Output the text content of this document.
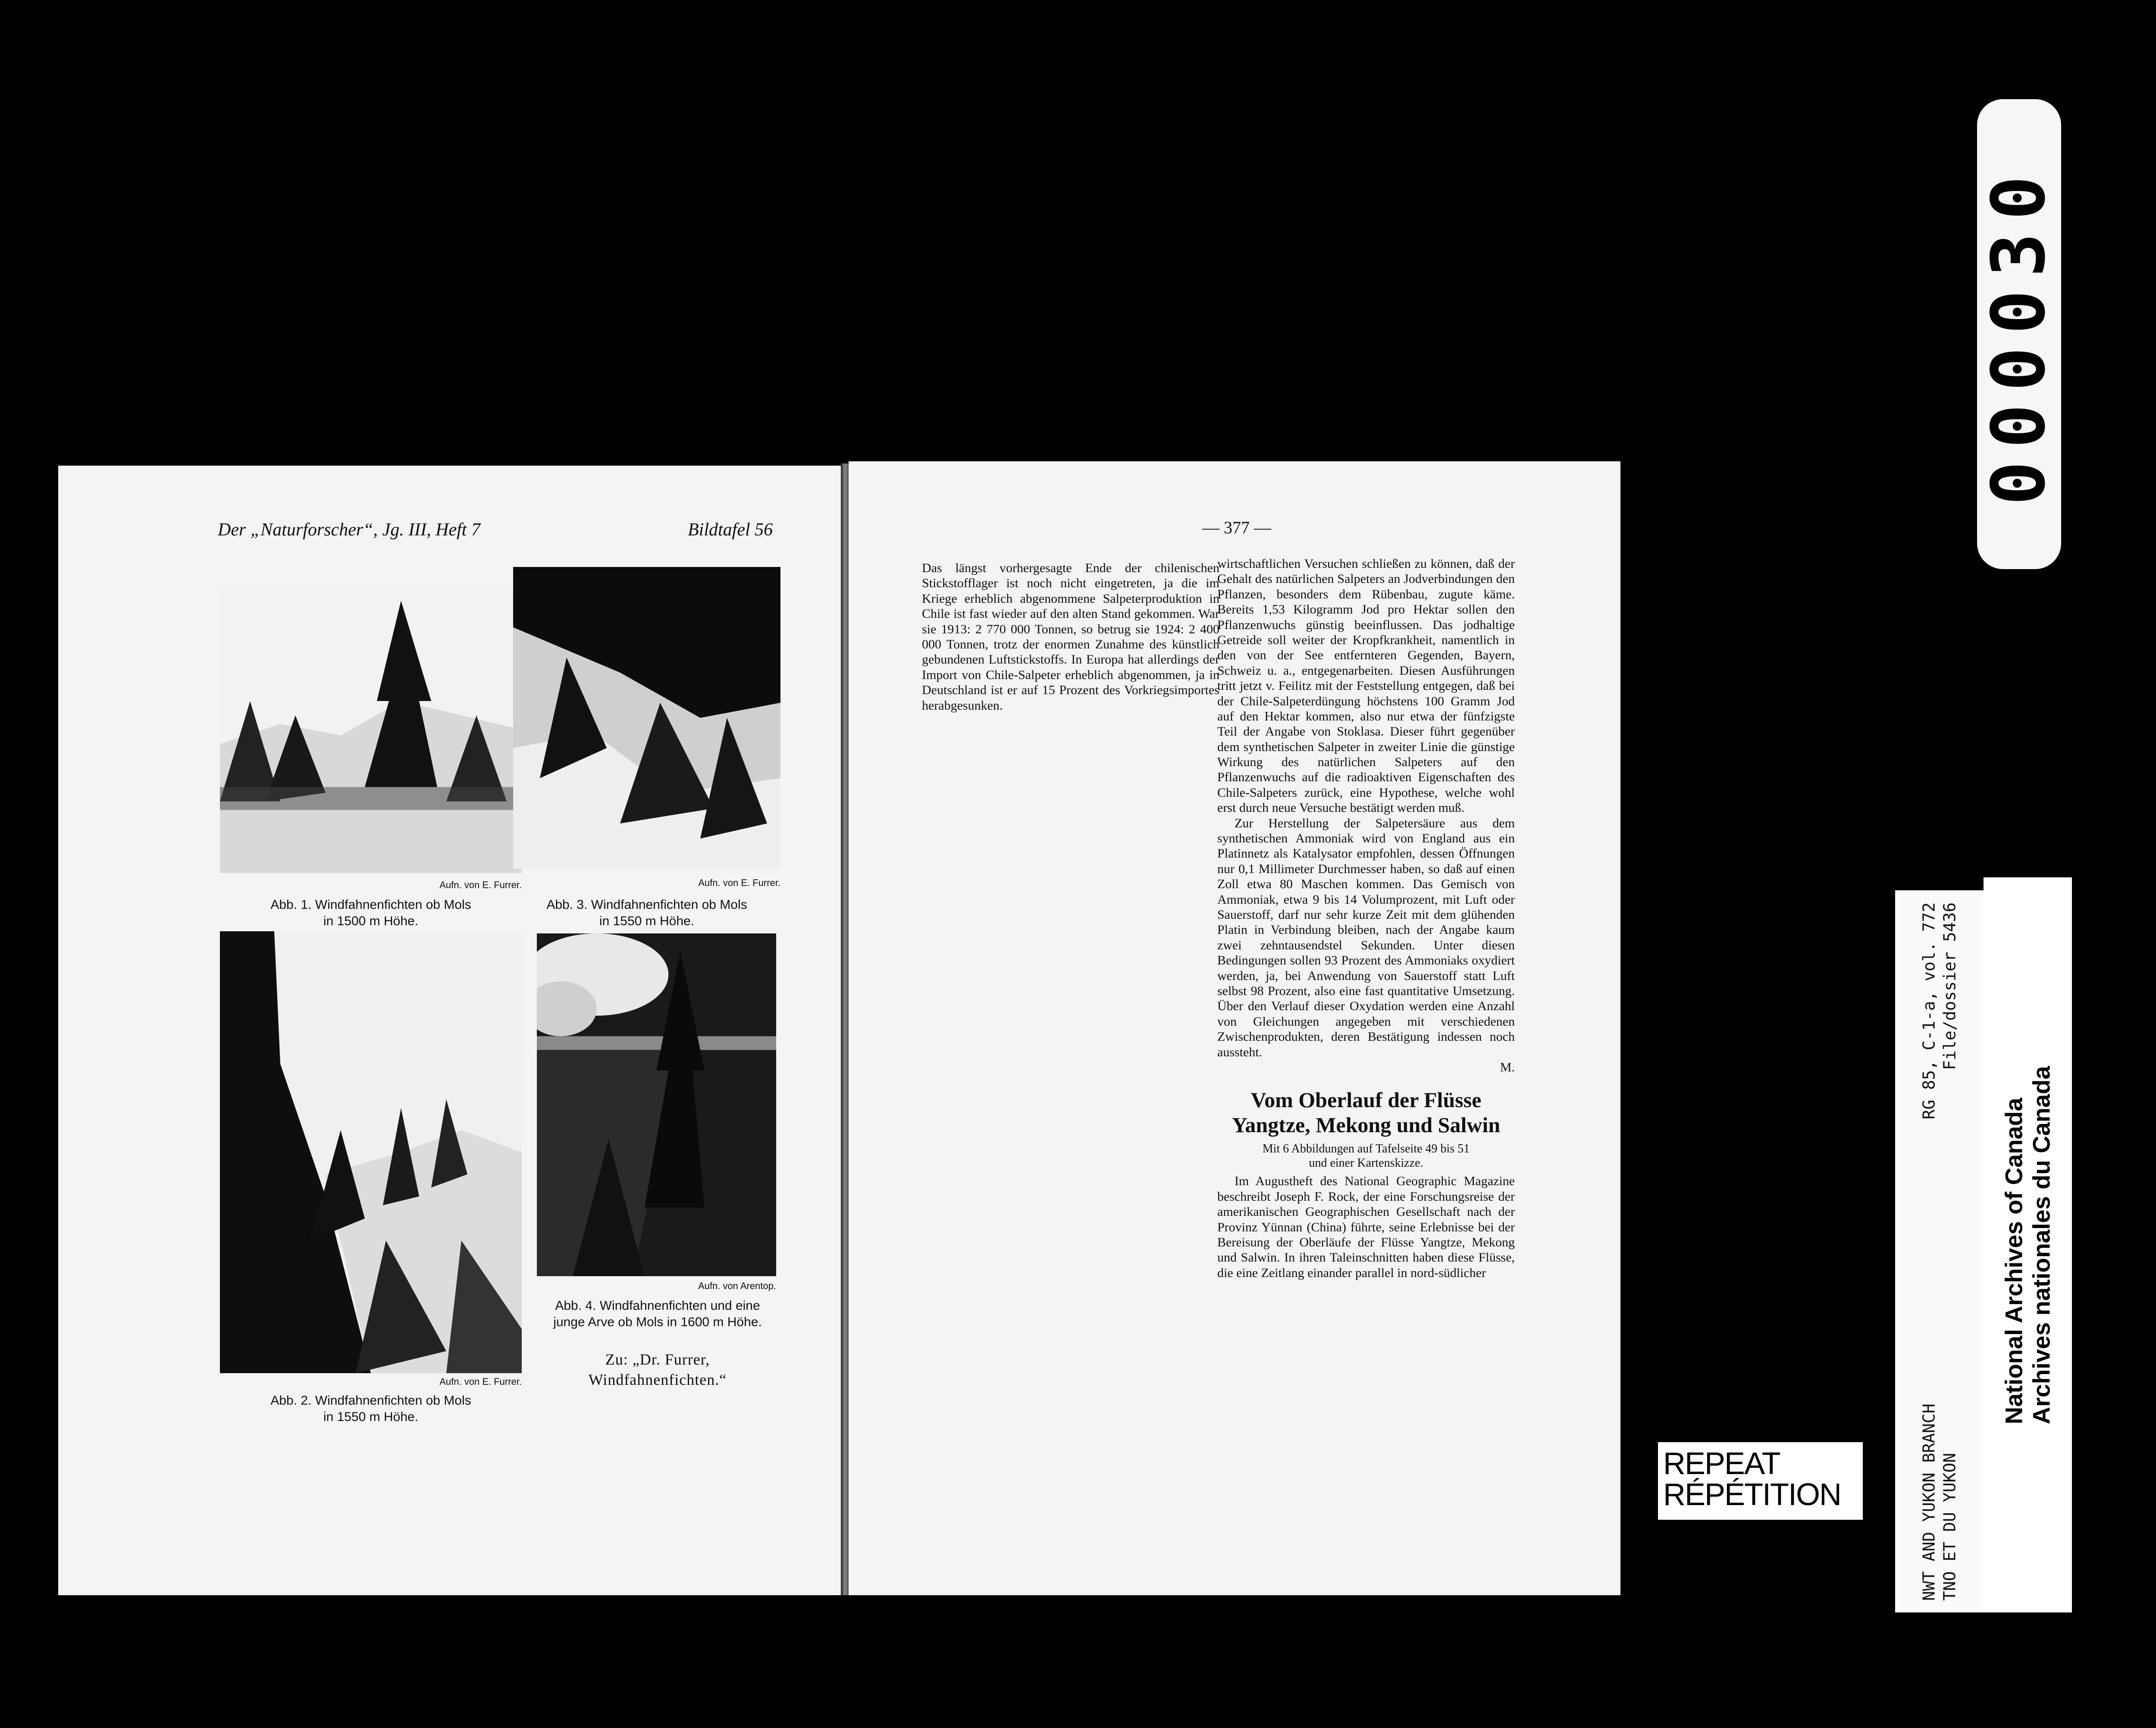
000030
Der „Naturforscher“, Jg. III, Heft 7	Bildtafel 56
Aufn. von E. Furrer.
Abb. 1. Windfahnenfichten ob Mols
in 1500 m Höhe.
Aufn. von E. Furrer.
Abb. 3. Windfahnenfichten ob Mols
in 1550 m Höhe.
Aufn. von E. Furrer.
Abb. 2. Windfahnenfichten ob Mols
in 1550 m Höhe.
Aufn. von Arentop.
Abb. 4. Windfahnenfichten und eine
junge Arve ob Mols in 1600 m Höhe.
Zu: „Dr. Furrer,
Windfahnenfichten.“
— 377 —

Das längst vorhergesagte Ende der chilenischen Stickstofflager ist noch nicht eingetreten, ja die im Kriege erheblich abgenommene Salpeterproduktion in Chile ist fast wieder auf den alten Stand gekommen. War sie 1913: 2 770 000 Tonnen, so betrug sie 1924: 2 400 000 Tonnen, trotz der enormen Zunahme des künstlich gebundenen Luftstickstoffs. In Europa hat allerdings der Import von Chile-Salpeter erheblich abgenommen, ja in Deutschland ist er auf 15 Prozent des Vorkriegsimportes herabgesunken.

wirtschaftlichen Versuchen schließen zu können, daß der Gehalt des natürlichen Salpeters an Jodverbindungen den Pflanzen, besonders dem Rübenbau, zugute käme. Bereits 1,53 Kilogramm Jod pro Hektar sollen den Pflanzenwuchs günstig beeinflussen. Das jodhaltige Getreide soll weiter der Kropfkrankheit, namentlich in den von der See entfernteren Gegenden, Bayern, Schweiz u. a., entgegenarbeiten. Diesen Ausführungen tritt jetzt v. Feilitz mit der Feststellung entgegen, daß bei der Chile-Salpeterdüngung höchstens 100 Gramm Jod auf den Hektar kommen, also nur etwa der fünfzigste Teil der Angabe von Stoklasa. Dieser führt gegenüber dem synthetischen Salpeter in zweiter Linie die günstige Wirkung des natürlichen Salpeters auf den Pflanzenwuchs auf die radioaktiven Eigenschaften des Chile-Salpeters zurück, eine Hypothese, welche wohl erst durch neue Versuche bestätigt werden muß.

Zur Herstellung der Salpetersäure aus dem synthetischen Ammoniak wird von England aus ein Platinnetz als Katalysator empfohlen, dessen Öffnungen nur 0,1 Millimeter Durchmesser haben, so daß auf einen Zoll etwa 80 Maschen kommen. Das Gemisch von Ammoniak, etwa 9 bis 14 Volumprozent, mit Luft oder Sauerstoff, darf nur sehr kurze Zeit mit dem glühenden Platin in Verbindung bleiben, nach der Angabe kaum zwei zehntausendstel Sekunden. Unter diesen Bedingungen sollen 93 Prozent des Ammoniaks oxydiert werden, ja, bei Anwendung von Sauerstoff statt Luft selbst 98 Prozent, also eine fast quantitative Umsetzung. Über den Verlauf dieser Oxydation werden eine Anzahl von Gleichungen angegeben mit verschiedenen Zwischenprodukten, deren Bestätigung indessen noch aussteht.

M.
Vom Oberlauf der Flüsse
Yangtze, Mekong und Salwin
Mit 6 Abbildungen auf Tafelseite 49 bis 51
und einer Kartenskizze.

Im Augustheft des National Geographic Magazine beschreibt Joseph F. Rock, der eine Forschungsreise der amerikanischen Geographischen Gesellschaft nach der Provinz Yünnan (China) führte, seine Erlebnisse bei der Bereisung der Oberläufe der Flüsse Yangtze, Mekong und Salwin. In ihren Taleinschnitten haben diese Flüsse, die eine Zeitlang einander parallel in nord-südlicher

REPEAT
RÉPÉTITION	NWT AND YUKON BRANCH
RG 85, C-1-a, vol. 772
TNO ET DU YUKON
File/dossier 5436
National Archives of Canada Archives nationales du Canada
